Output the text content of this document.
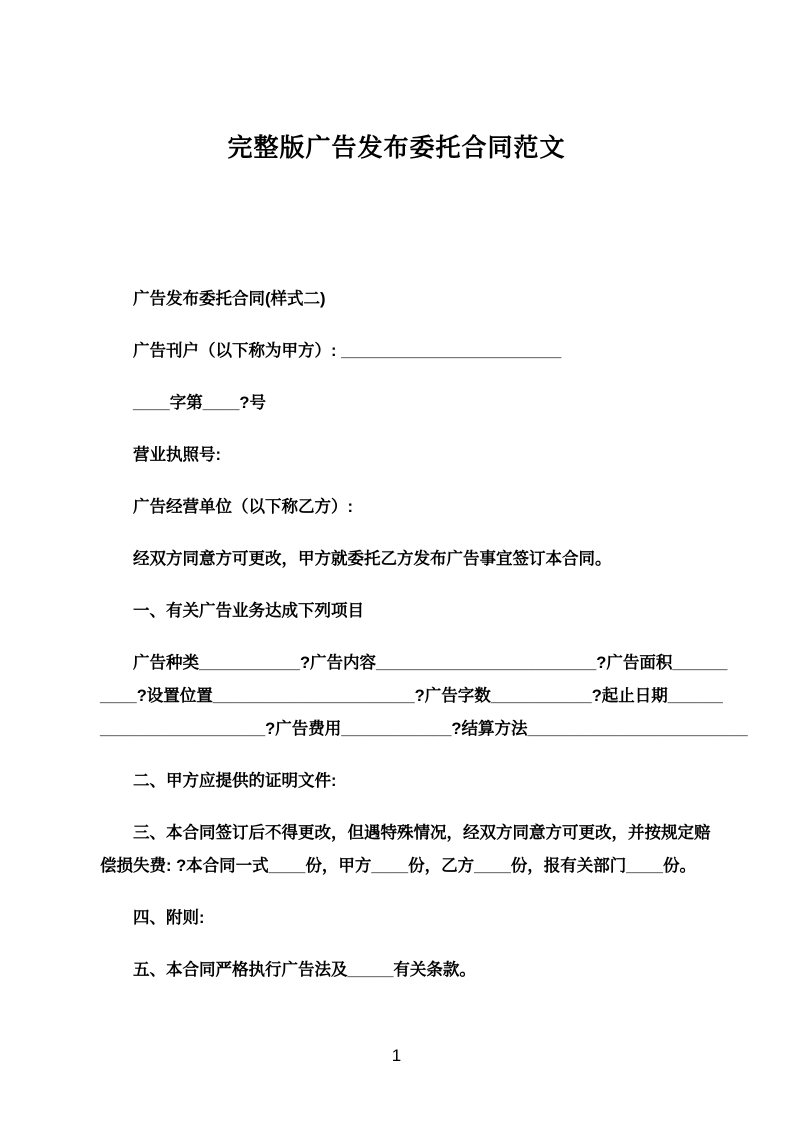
完整版广告发布委托合同范文

广告发布委托合同(样式二)

广告刊户（以下称为甲方）: ________________________

____字第____?号

营业执照号:

广告经营单位（以下称乙方）:

经双方同意方可更改，甲方就委托乙方发布广告事宜签订本合同。

一、有关广告业务达成下列项目

广告种类___________?广告内容________________________?广告面积______
____?设置位置______________________?广告字数___________?起止日期______
__________________?广告费用____________?结算方法________________________

二、甲方应提供的证明文件:

三、本合同签订后不得更改，但遇特殊情况，经双方同意方可更改，并按规定赔
偿损失费: ?本合同一式____份，甲方____份，乙方____份，报有关部门____份。

四、附则:

五、本合同严格执行广告法及_____有关条款。

1
